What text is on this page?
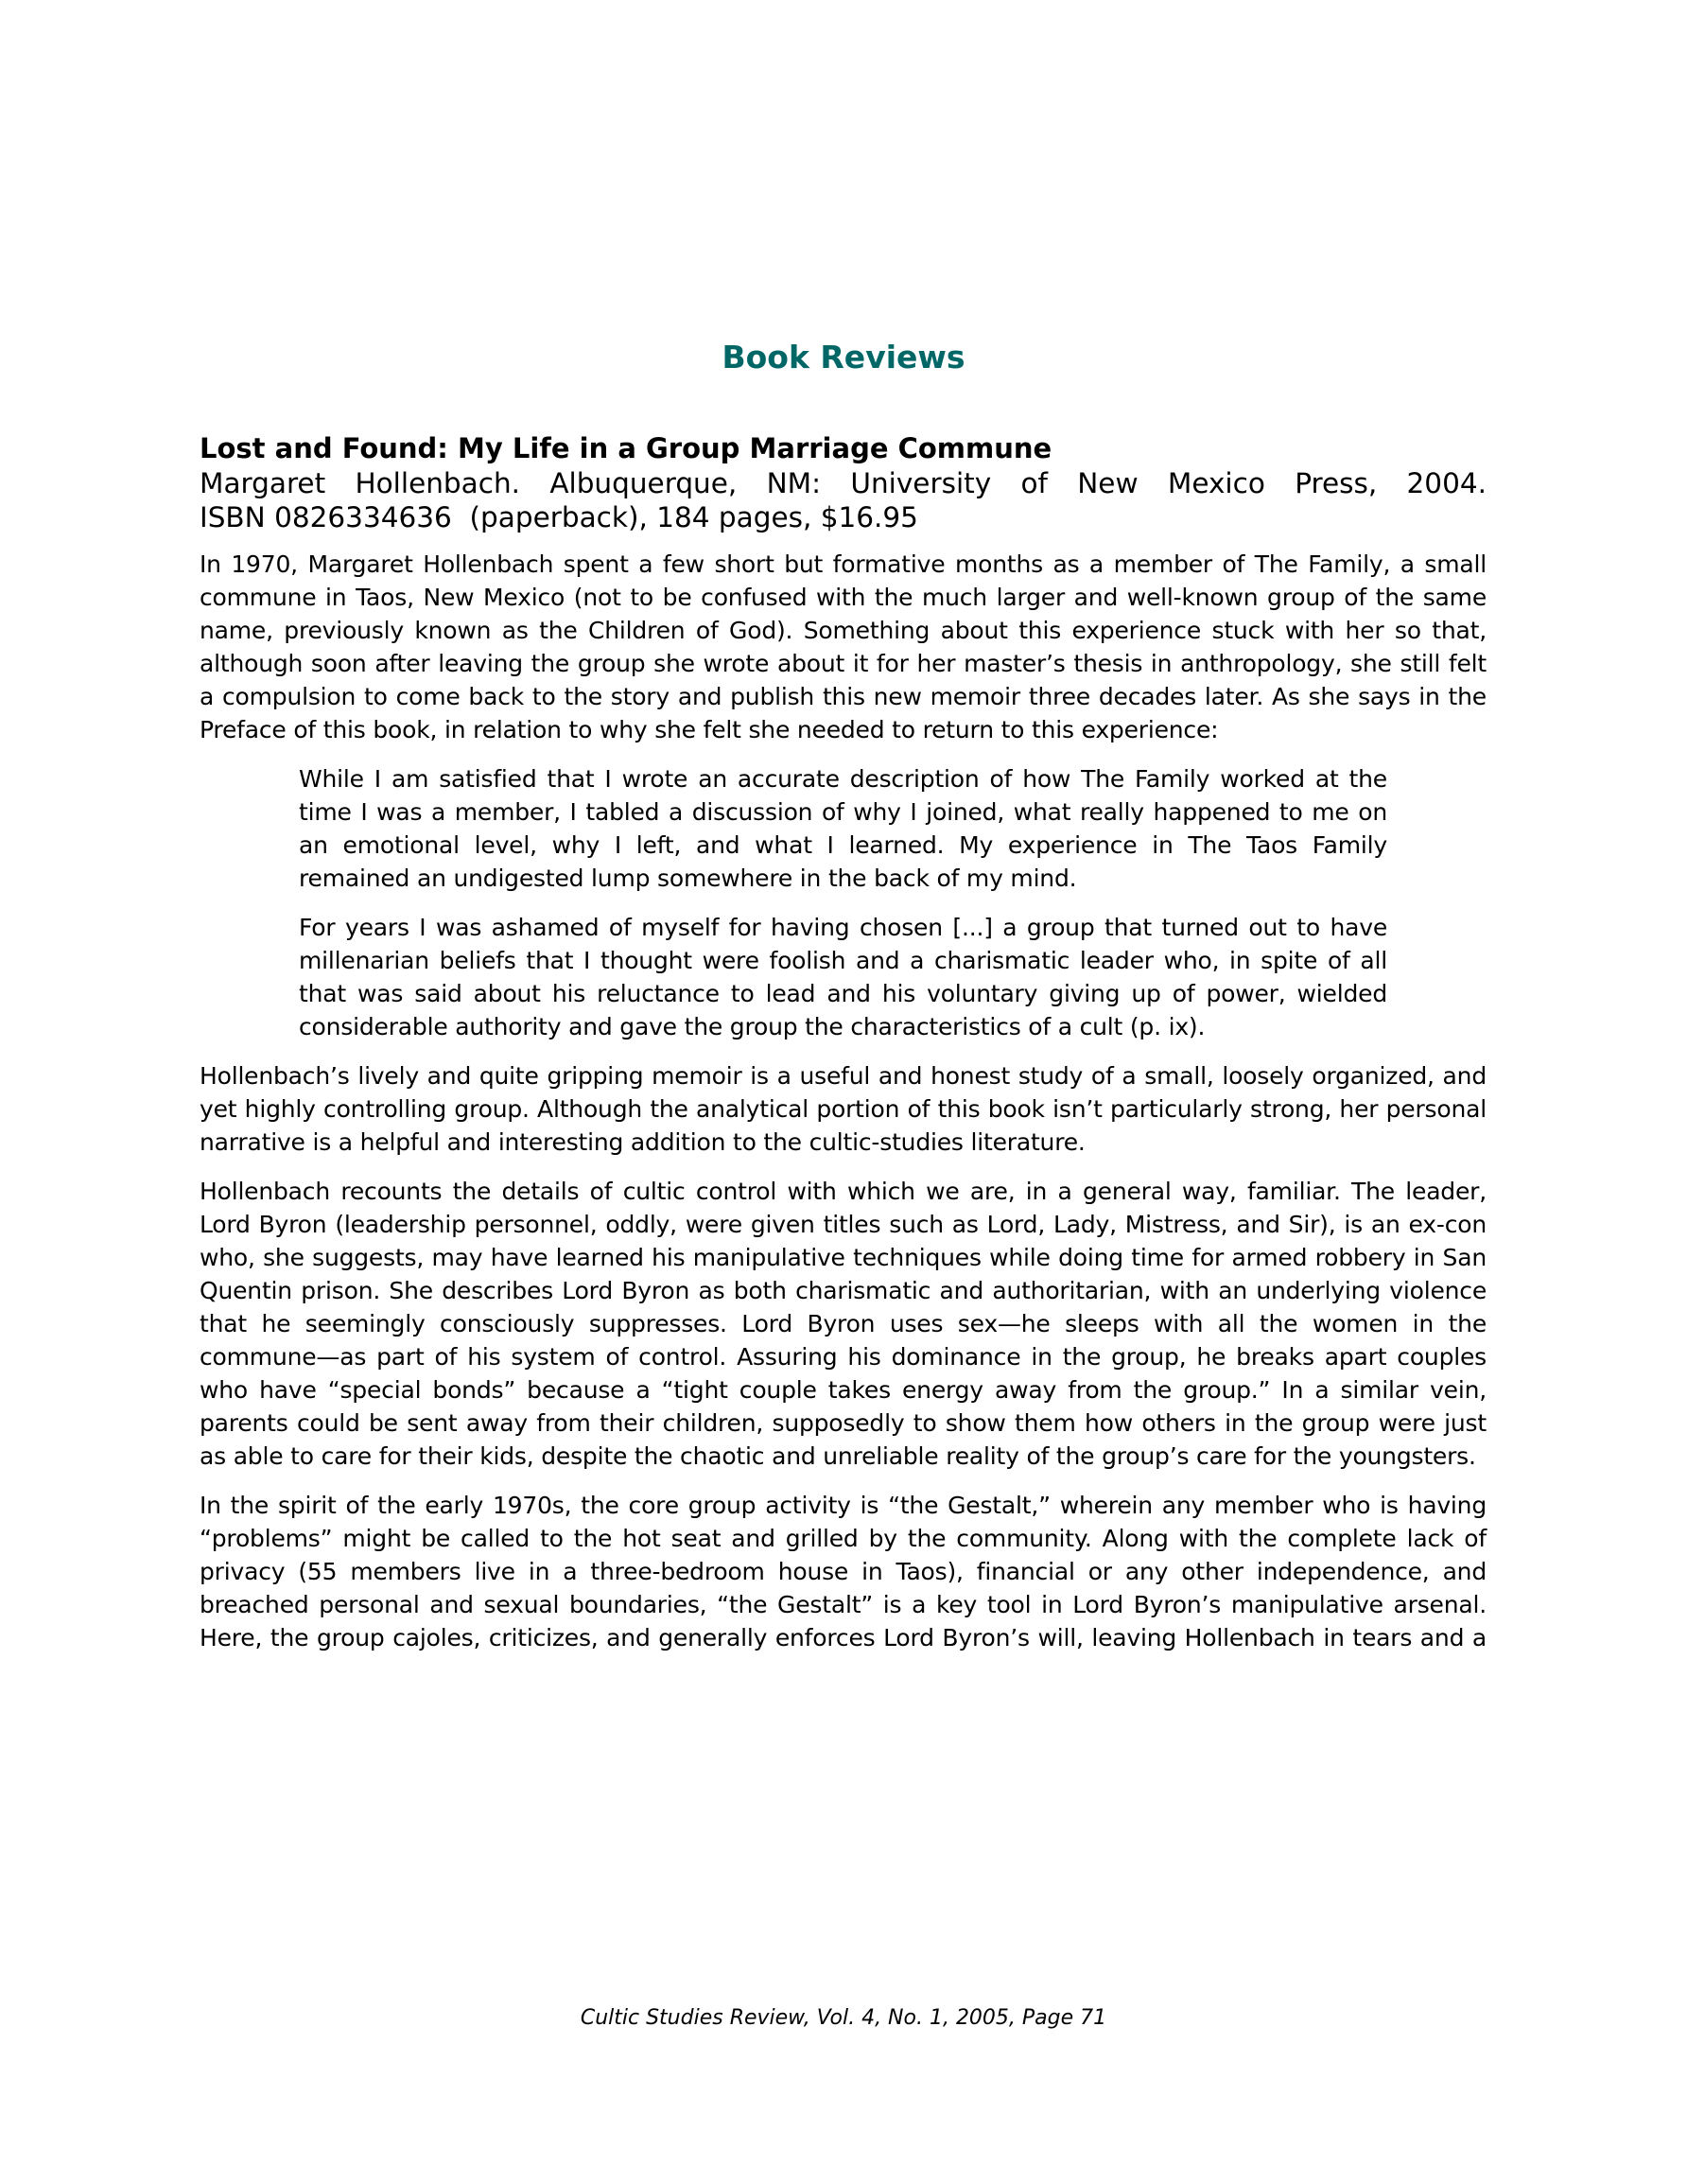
Book Reviews
Lost and Found: My Life in a Group Marriage Commune
Margaret Hollenbach. Albuquerque, NM: University of New Mexico Press, 2004.
ISBN 0826334636  (paperback), 184 pages, $16.95

In 1970, Margaret Hollenbach spent a few short but formative months as a member of The Family, a small commune in Taos, New Mexico (not to be confused with the much larger and well-known group of the same name, previously known as the Children of God). Something about this experience stuck with her so that, although soon after leaving the group she wrote about it for her master’s thesis in anthropology, she still felt a compulsion to come back to the story and publish this new memoir three decades later. As she says in the Preface of this book, in relation to why she felt she needed to return to this experience:

While I am satisfied that I wrote an accurate description of how The Family worked at the time I was a member, I tabled a discussion of why I joined, what really happened to me on an emotional level, why I left, and what I learned. My experience in The Taos Family remained an undigested lump somewhere in the back of my mind.

For years I was ashamed of myself for having chosen [...] a group that turned out to have millenarian beliefs that I thought were foolish and a charismatic leader who, in spite of all that was said about his reluctance to lead and his voluntary giving up of power, wielded considerable authority and gave the group the characteristics of a cult (p. ix).

Hollenbach’s lively and quite gripping memoir is a useful and honest study of a small, loosely organized, and yet highly controlling group. Although the analytical portion of this book isn’t particularly strong, her personal narrative is a helpful and interesting addition to the cultic-studies literature.

Hollenbach recounts the details of cultic control with which we are, in a general way, familiar. The leader, Lord Byron (leadership personnel, oddly, were given titles such as Lord, Lady, Mistress, and Sir), is an ex-con who, she suggests, may have learned his manipulative techniques while doing time for armed robbery in San Quentin prison. She describes Lord Byron as both charismatic and authoritarian, with an underlying violence that he seemingly consciously suppresses. Lord Byron uses sex—he sleeps with all the women in the commune—as part of his system of control. Assuring his dominance in the group, he breaks apart couples who have “special bonds” because a “tight couple takes energy away from the group.” In a similar vein, parents could be sent away from their children, supposedly to show them how others in the group were just as able to care for their kids, despite the chaotic and unreliable reality of the group’s care for the youngsters.

In the spirit of the early 1970s, the core group activity is “the Gestalt,” wherein any member who is having “problems” might be called to the hot seat and grilled by the community. Along with the complete lack of privacy (55 members live in a three-bedroom house in Taos), financial or any other independence, and breached personal and sexual boundaries, “the Gestalt” is a key tool in Lord Byron’s manipulative arsenal. Here, the group cajoles, criticizes, and generally enforces Lord Byron’s will, leaving Hollenbach in tears and a

Cultic Studies Review, Vol. 4, No. 1, 2005, Page 71
